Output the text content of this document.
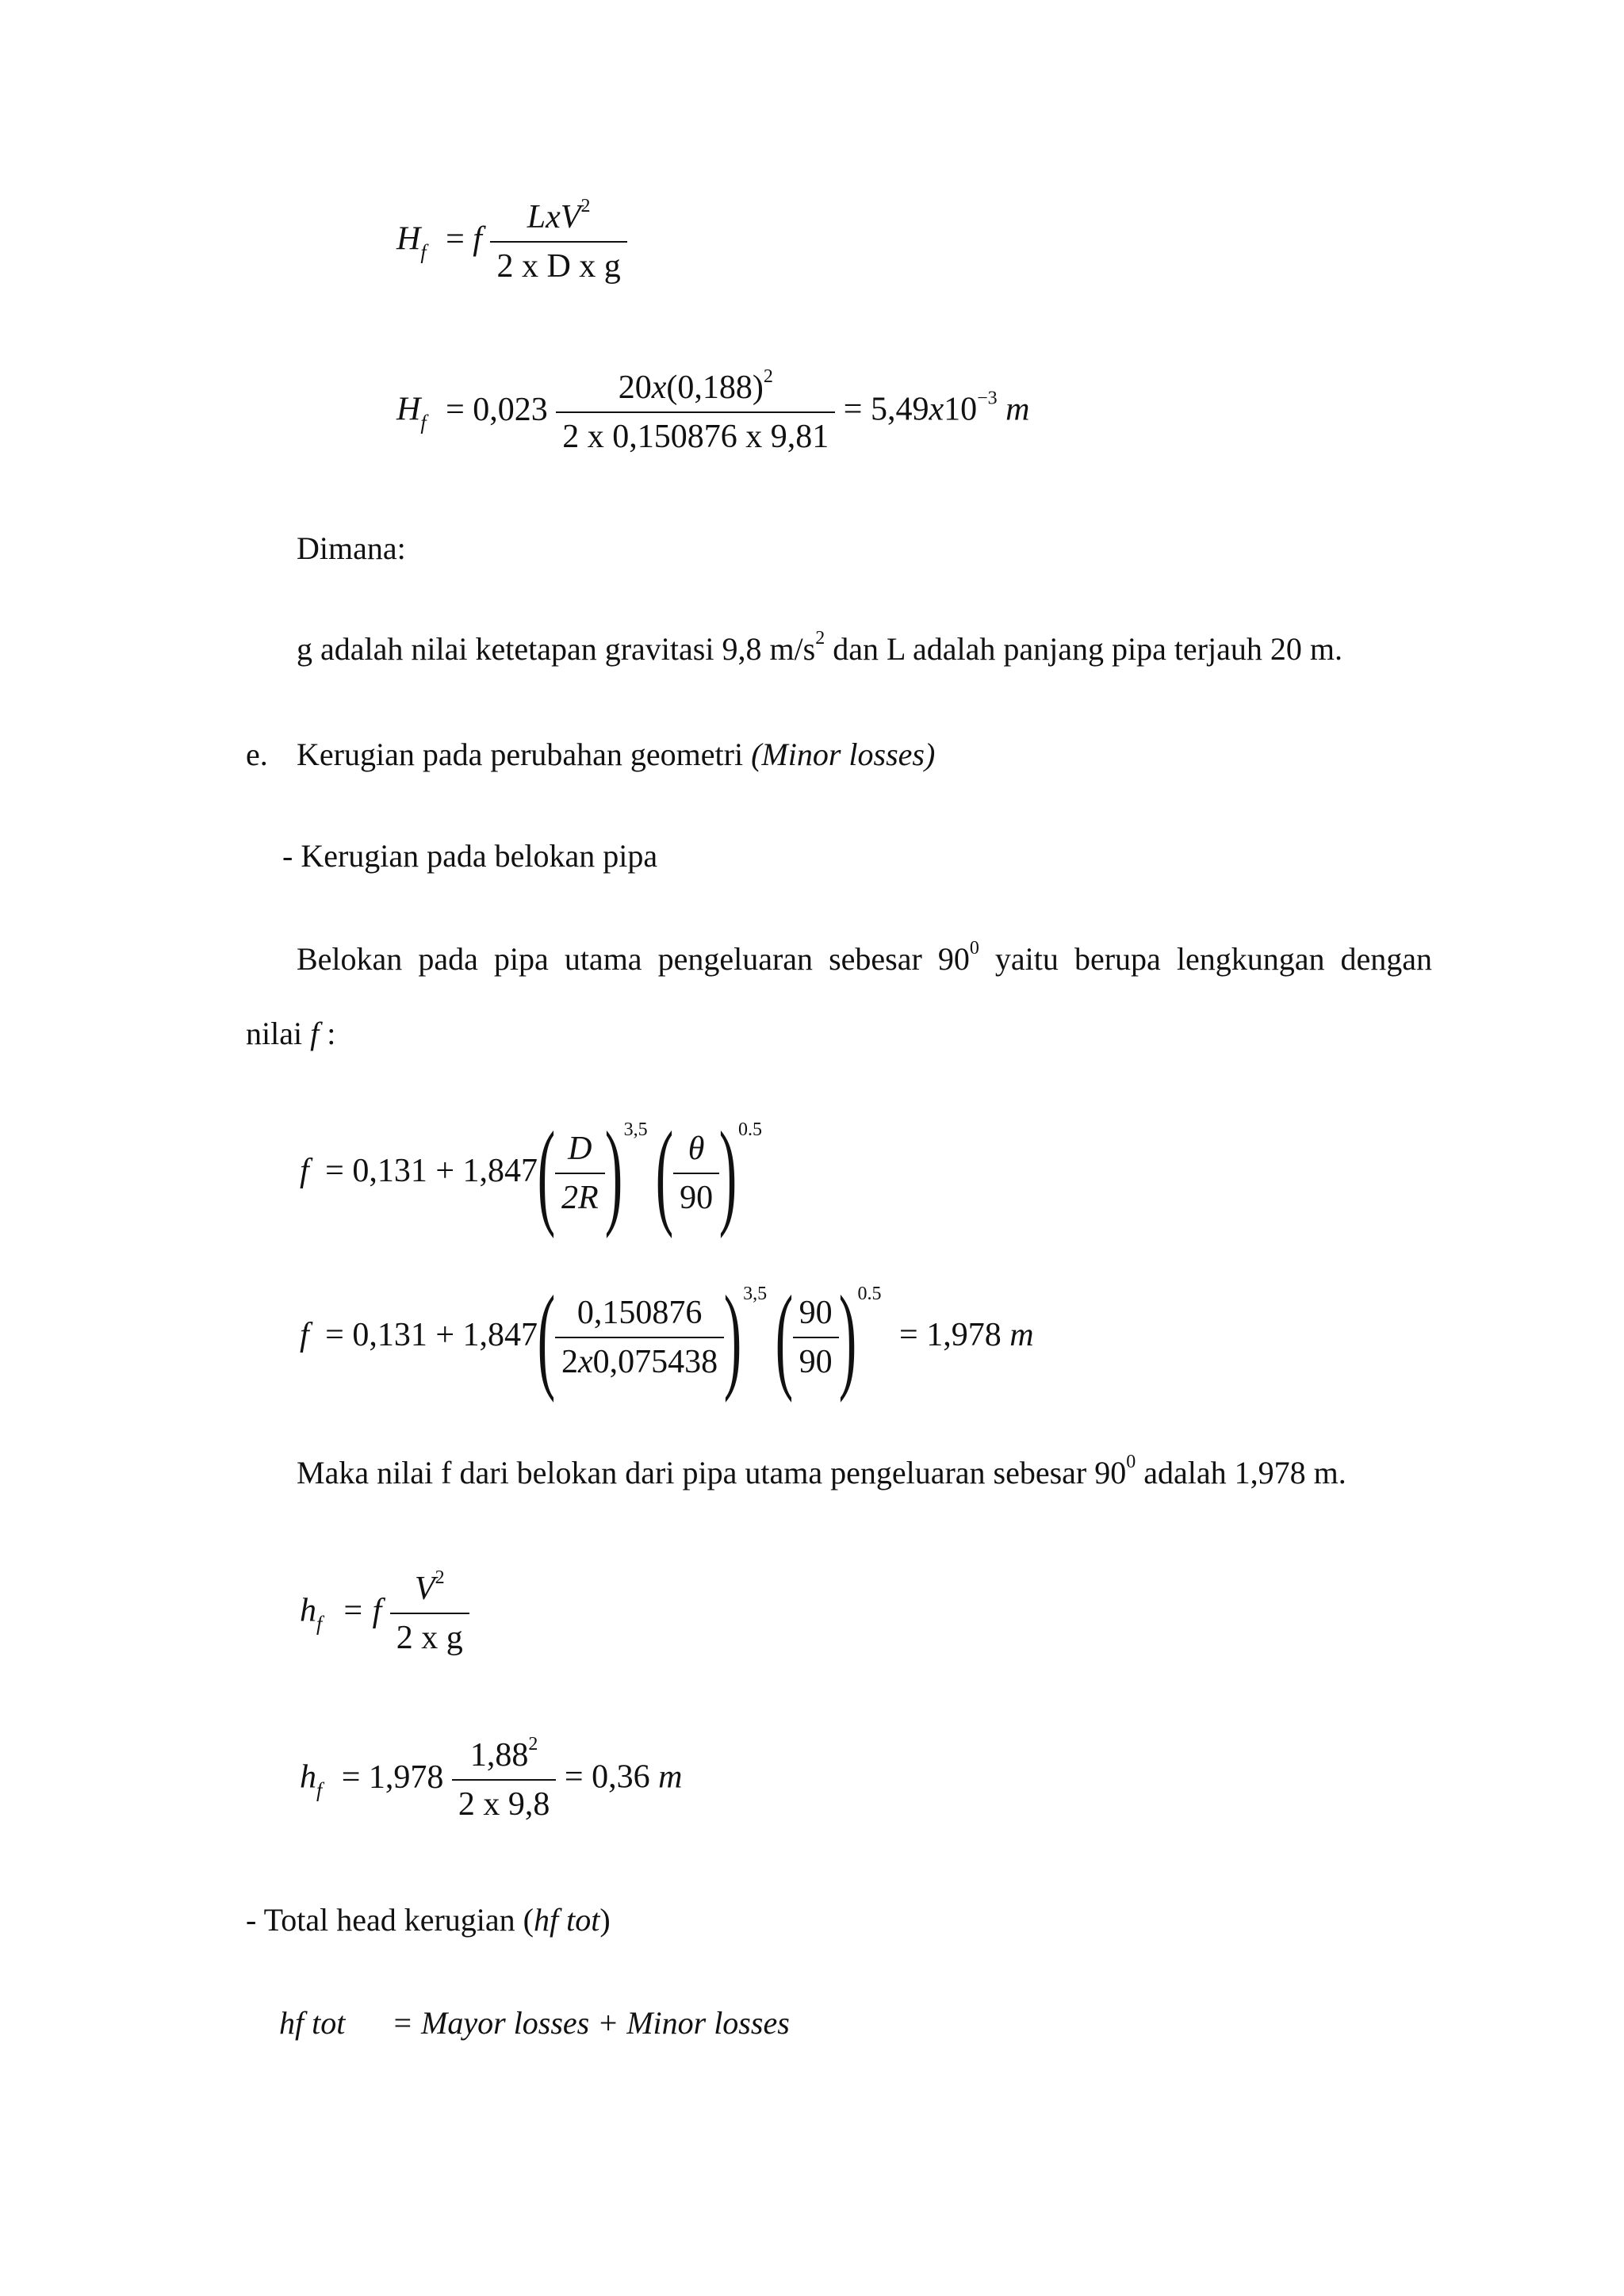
$H_f = f \frac{LxV^2}{\text{2 x D x g}}$
$H_f = 0,023 \frac{20x(0,188)^2}{2 x 0,150876 x 9,81} = 5,49x10^{-3}$ m
Dimana:
g adalah nilai ketetapan gravitasi 9,8 $m/s^2$ dan L adalah panjang pipa terjauh 20 m.
e. Kerugian pada perubahan geometri (Minor losses)
- Kerugian pada belokan pipa
Belokan pada pipa utama pengeluaran sebesar $90^0$ yaitu berupa lengkungan dengan
nilai f :
$f = 0,131 + 1,847( \frac{D}{2R} )^{3,5}$ ( $\frac{\theta}{90} )^{0.5}$
$f = 0,131 + 1,847( \frac{0,150876}{2x0,075438} )^{3,5}$ ( $\frac{90}{90} )^{0.5} = 1,978$ m
Maka nilai f dari belokan dari pipa utama pengeluaran sebesar $90^0$ adalah 1,978 m.
$h_f = f \frac{V^2}{\text{2 x g}}$
$h_f = 1,978 \frac{1,88^2}{2 x 9,8} = 0,36$ m
- Total head kerugian (hf tot)
hf tot = Mayor losses + Minor losses
